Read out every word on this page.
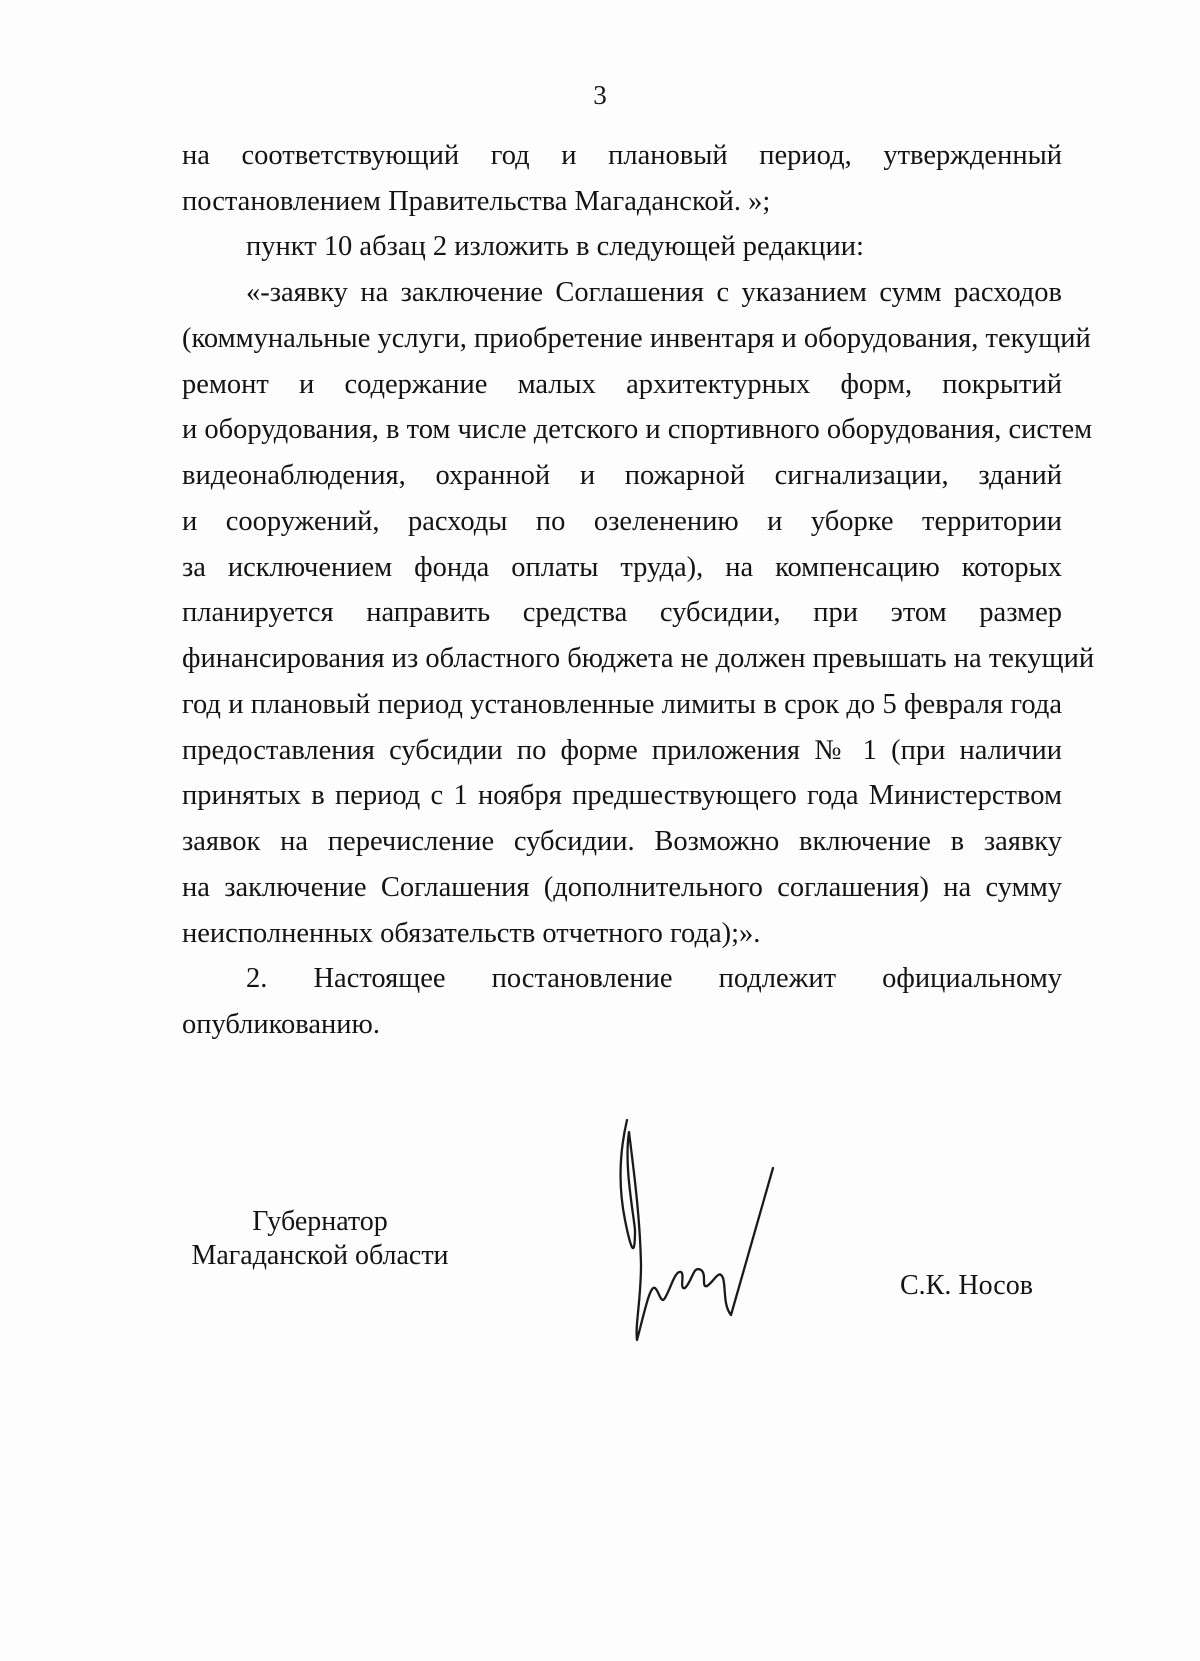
3
на соответствующий год и плановый период, утвержденный
постановлением Правительства Магаданской. »;
пункт 10 абзац 2 изложить в следующей редакции:
«-заявку на заключение Соглашения с указанием сумм расходов
(коммунальные услуги, приобретение инвентаря и оборудования, текущий
ремонт и содержание малых архитектурных форм, покрытий
и оборудования, в том числе детского и спортивного оборудования, систем
видеонаблюдения, охранной и пожарной сигнализации, зданий
и сооружений, расходы по озеленению и уборке территории
за исключением фонда оплаты труда), на компенсацию которых
планируется направить средства субсидии, при этом размер
финансирования из областного бюджета не должен превышать на текущий
год и плановый период установленные лимиты в срок до 5 февраля года
предоставления субсидии по форме приложения № 1 (при наличии
принятых в период с 1 ноября предшествующего года Министерством
заявок на перечисление субсидии. Возможно включение в заявку
на заключение Соглашения (дополнительного соглашения) на сумму
неисполненных обязательств отчетного года);».
2. Настоящее постановление подлежит официальному
опубликованию.
Губернатор
Магаданской области
С.К. Носов
